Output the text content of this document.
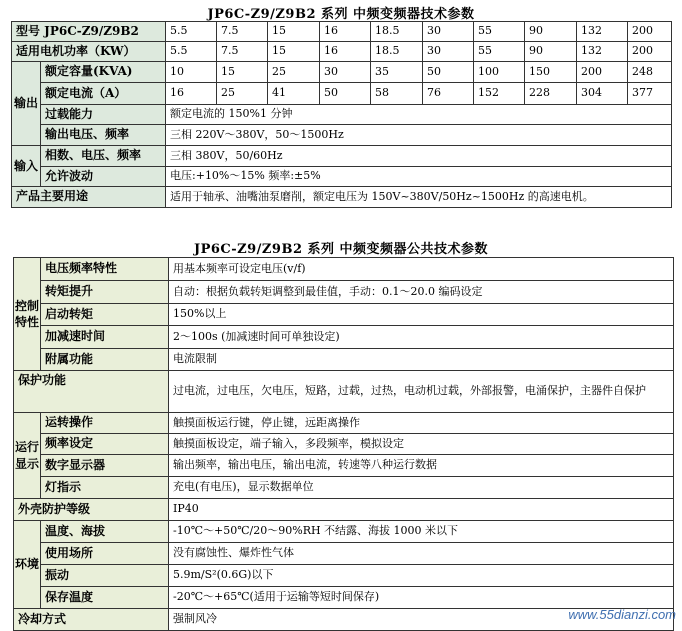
JP6C-Z9/Z9B2 系列 中频变频器技术参数
型号 JP6C-Z9/Z9B2		5.5	7.5	15	16	18.5	30	55	90	132	200
适用电机功率（KW）		5.5	7.5	15	16	18.5	30	55	90	132	200
输出	额定容量(KVA)	10	15	25	30	35	50	100	150	200	248
	额定电流（A）	16	25	41	50	58	76	152	228	304	377
	过载能力	额定电流的 150%1 分钟									
	输出电压、频率	三相 220V～380V，50～1500Hz									
输入	相数、电压、频率	三相 380V，50/60Hz									
	允许波动	电压:+10%～15% 频率:±5%									
产品主要用途		适用于轴承、油嘴油泵磨削，额定电压为 150V~380V/50Hz~1500Hz 的高速电机。									
JP6C-Z9/Z9B2 系列 中频变频器公共技术参数
控制特性	电压频率特性	用基本频率可设定电压(v/f)
	转矩提升	自动：根据负载转矩调整到最佳值，手动：0.1～20.0 编码设定
	启动转矩	150%以上
	加减速时间	2～100s (加减速时间可单独设定)
	附属功能	电流限制
保护功能		过电流，过电压，欠电压，短路，过载，过热，电动机过载，外部报警，电涌保护，主器件自保护
运行显示	运转操作	触摸面板运行键，停止键，远距离操作
	频率设定	触摸面板设定，端子输入，多段频率，模拟设定
	数字显示器	输出频率，输出电压，输出电流，转速等八种运行数据
	灯指示	充电(有电压)，显示数据单位
外壳防护等级		IP40
环境	温度、海拔	-10℃～+50℃/20～90%RH 不结露、海拔 1000 米以下
	使用场所	没有腐蚀性、爆炸性气体
	振动	5.9m/S²(0.6G)以下
	保存温度	-20℃～+65℃(适用于运输等短时间保存)
冷却方式		强制风冷	www.55dianzi.com
